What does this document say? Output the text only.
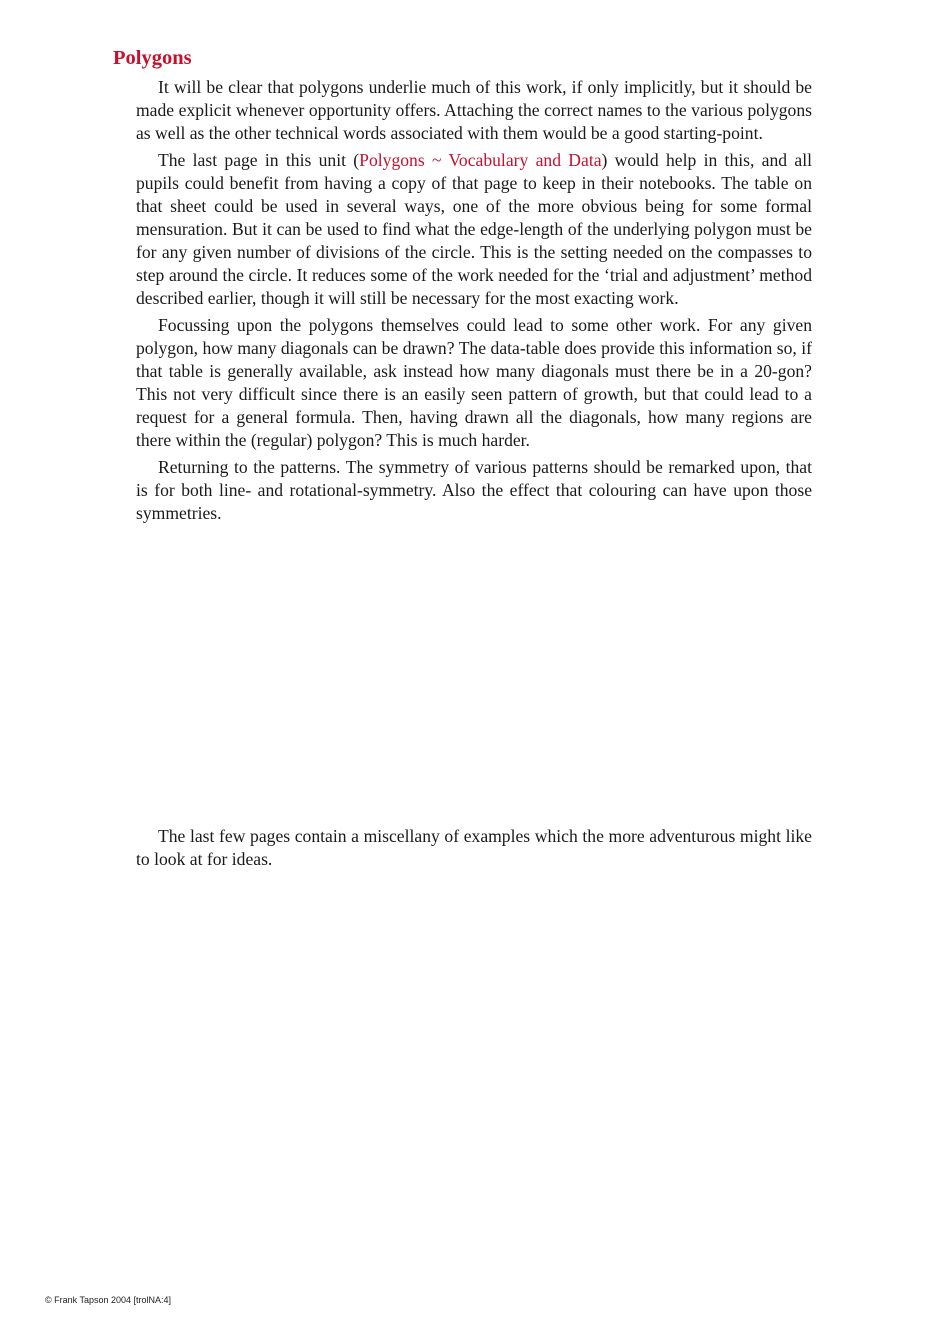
Polygons

It will be clear that polygons underlie much of this work, if only implicitly, but it should be made explicit whenever opportunity offers. Attaching the correct names to the various polygons as well as the other technical words associated with them would be a good starting-point.

The last page in this unit (Polygons ~ Vocabulary and Data) would help in this, and all pupils could benefit from having a copy of that page to keep in their notebooks. The table on that sheet could be used in several ways, one of the more obvious being for some formal mensuration. But it can be used to find what the edge-length of the underlying polygon must be for any given number of divisions of the circle. This is the setting needed on the compasses to step around the circle. It reduces some of the work needed for the ‘trial and adjustment’ method described earlier, though it will still be necessary for the most exacting work.

Focussing upon the polygons themselves could lead to some other work. For any given polygon, how many diagonals can be drawn? The data-table does provide this information so, if that table is generally available, ask instead how many diagonals must there be in a 20-gon? This not very difficult since there is an easily seen pattern of growth, but that could lead to a request for a general formula. Then, having drawn all the diagonals, how many regions are there within the (regular) polygon? This is much harder.

Returning to the patterns. The symmetry of various patterns should be remarked upon, that is for both line- and rotational-symmetry. Also the effect that colouring can have upon those symmetries.

The last few pages contain a miscellany of examples which the more adventurous might like to look at for ideas.

© Frank Tapson 2004 [trolNA:4]
